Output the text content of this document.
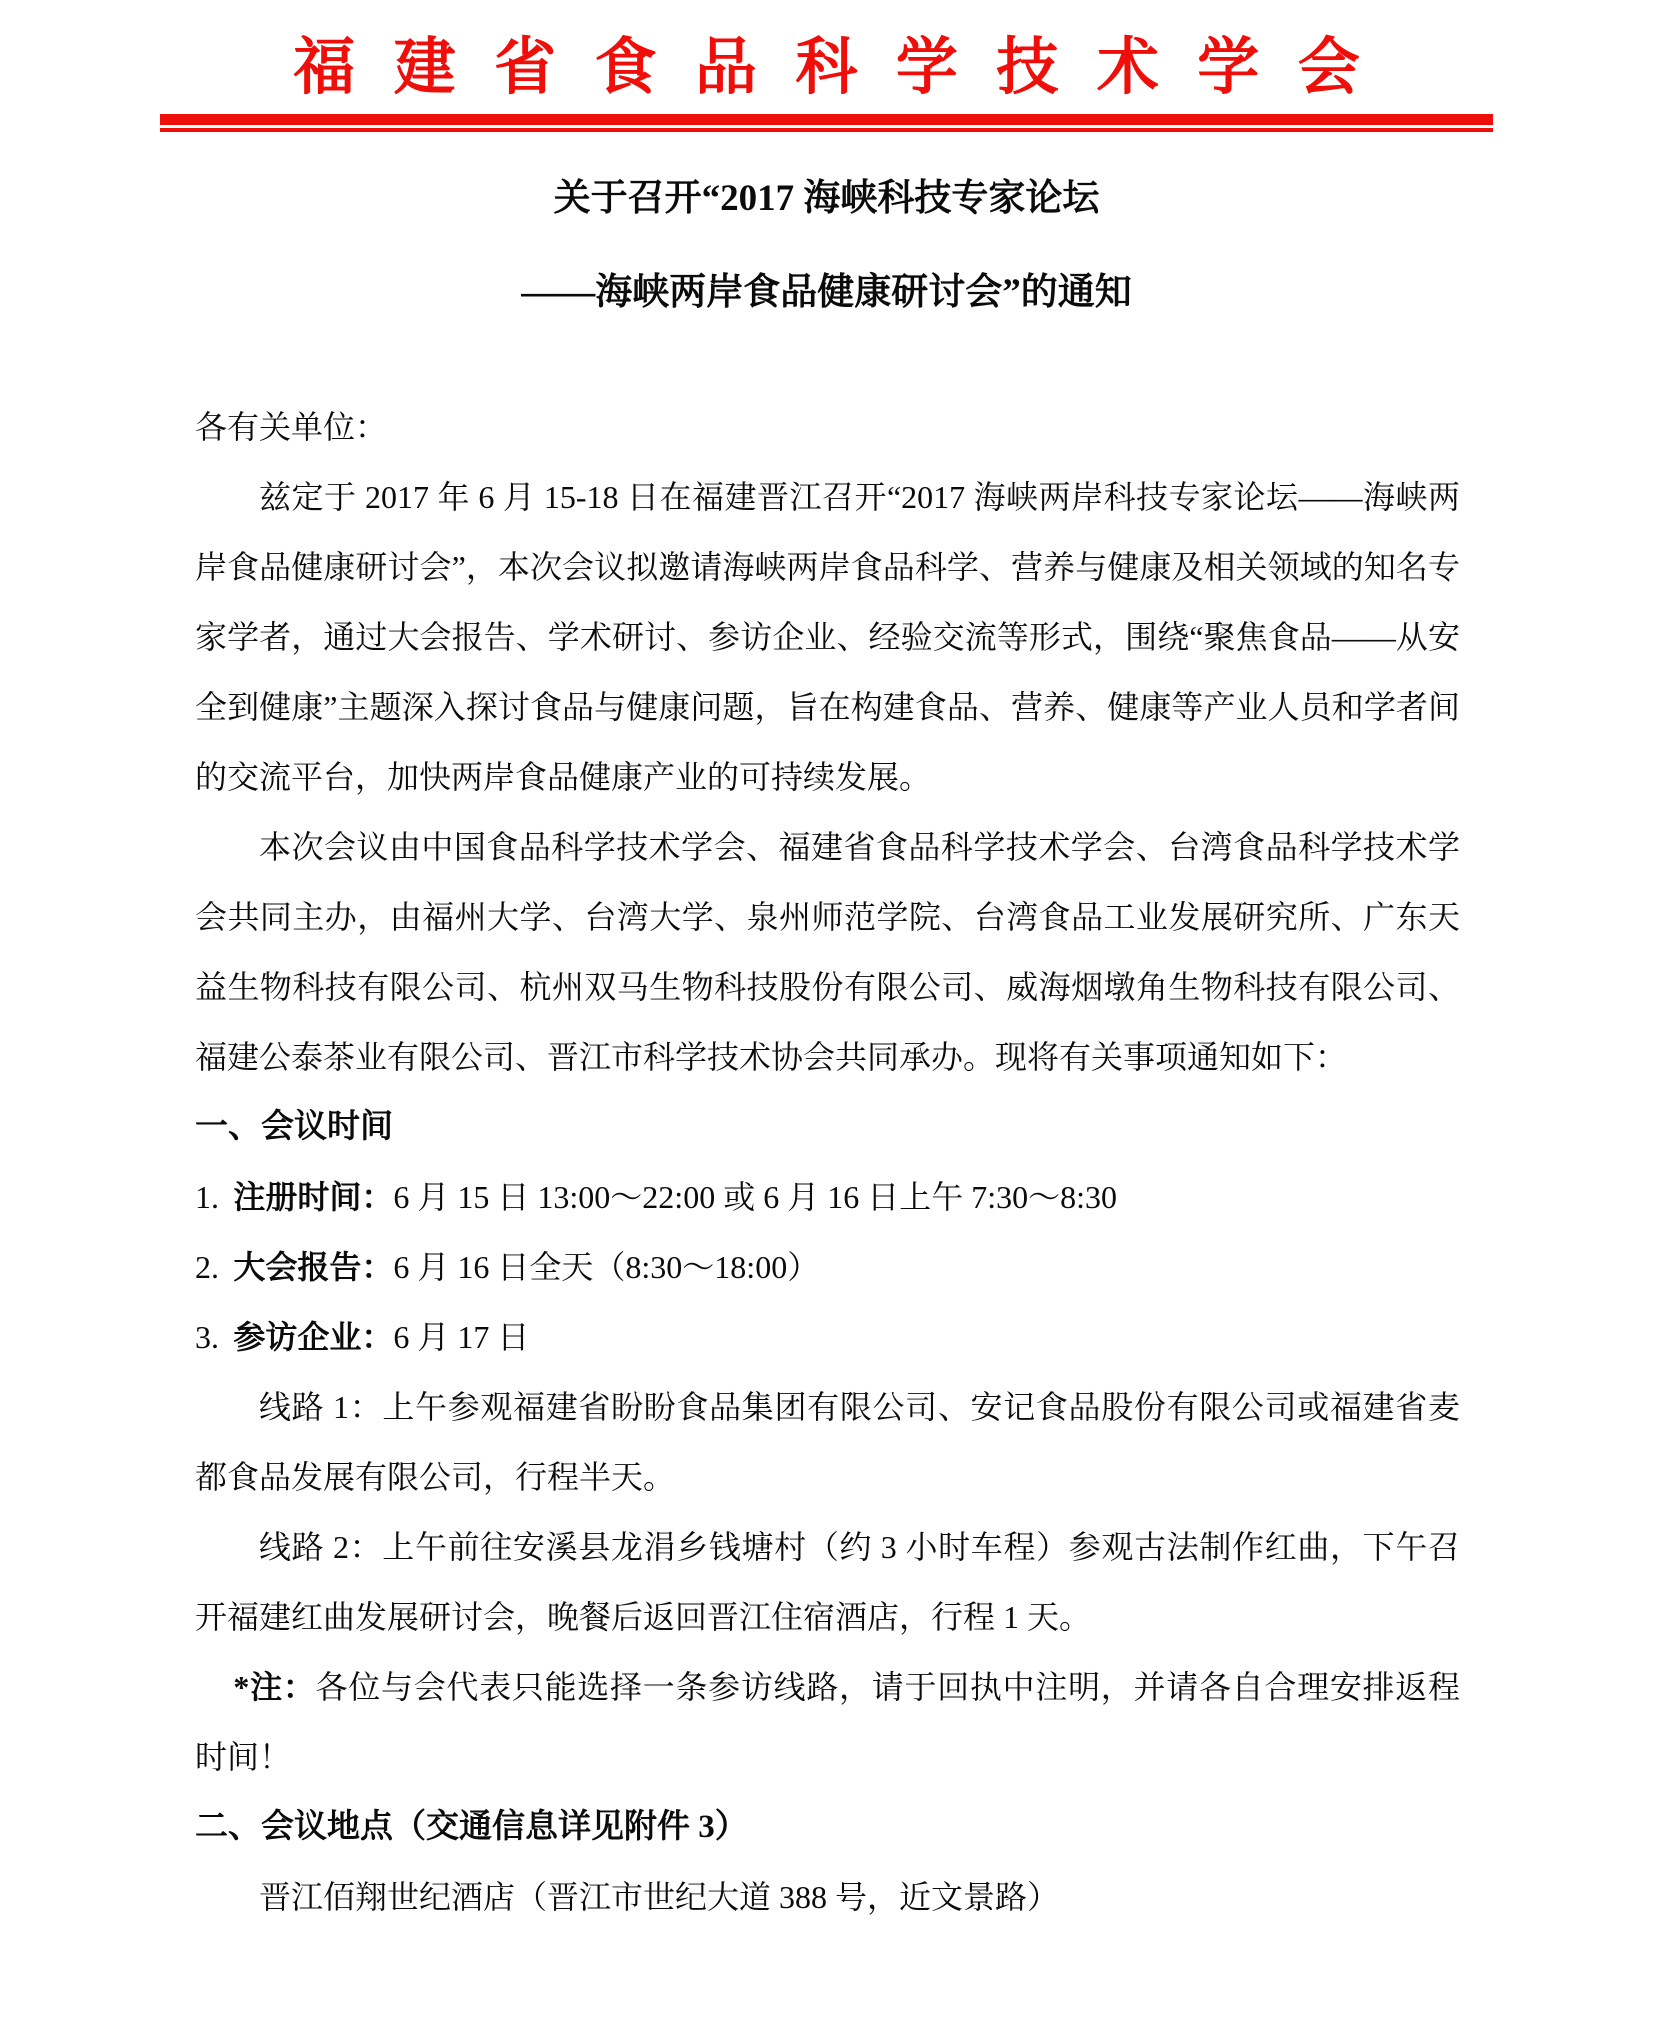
福建省食品科学技术学会
关于召开“2017 海峡科技专家论坛
——海峡两岸食品健康研讨会”的通知

各有关单位：

兹定于 2017 年 6 月 15-18 日在福建晋江召开“2017 海峡两岸科技专家论坛——海峡两岸食品健康研讨会”，本次会议拟邀请海峡两岸食品科学、营养与健康及相关领域的知名专家学者，通过大会报告、学术研讨、参访企业、经验交流等形式，围绕“聚焦食品——从安全到健康”主题深入探讨食品与健康问题，旨在构建食品、营养、健康等产业人员和学者间的交流平台，加快两岸食品健康产业的可持续发展。

本次会议由中国食品科学技术学会、福建省食品科学技术学会、台湾食品科学技术学会共同主办，由福州大学、台湾大学、泉州师范学院、台湾食品工业发展研究所、广东天益生物科技有限公司、杭州双马生物科技股份有限公司、威海烟墩角生物科技有限公司、福建公泰茶业有限公司、晋江市科学技术协会共同承办。现将有关事项通知如下：

一、会议时间

1. 注册时间：6 月 15 日 13:00～22:00 或 6 月 16 日上午 7:30～8:30

2. 大会报告：6 月 16 日全天（8:30～18:00）

3. 参访企业：6 月 17 日

线路 1：上午参观福建省盼盼食品集团有限公司、安记食品股份有限公司或福建省麦都食品发展有限公司，行程半天。

线路 2：上午前往安溪县龙涓乡钱塘村（约 3 小时车程）参观古法制作红曲，下午召开福建红曲发展研讨会，晚餐后返回晋江住宿酒店，行程 1 天。

*注：各位与会代表只能选择一条参访线路，请于回执中注明，并请各自合理安排返程时间！

二、会议地点（交通信息详见附件 3）

晋江佰翔世纪酒店（晋江市世纪大道 388 号，近文景路）
